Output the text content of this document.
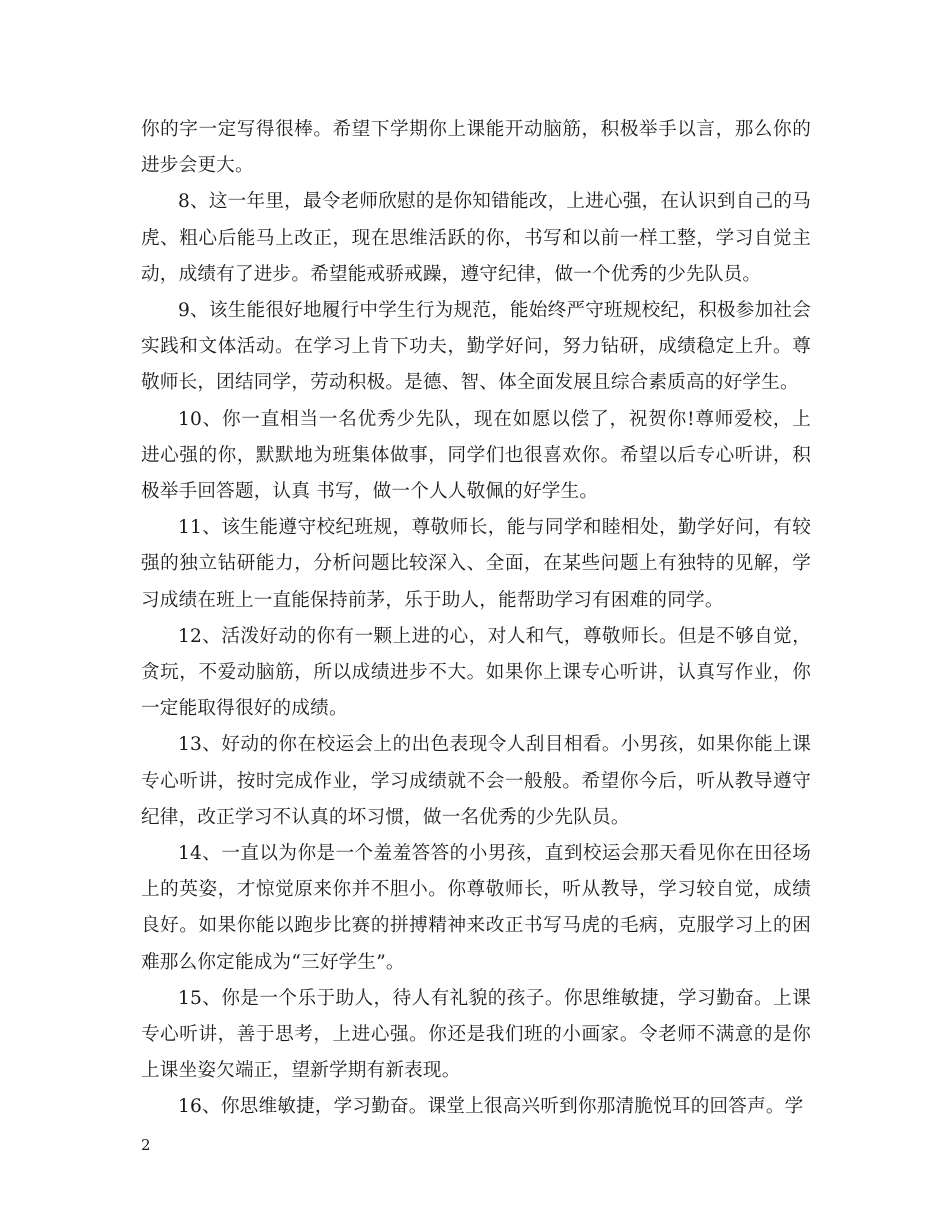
你的字一定写得很棒。希望下学期你上课能开动脑筋，积极举手以言，那么你的进步会更大。

8、这一年里，最令老师欣慰的是你知错能改，上进心强，在认识到自己的马虎、粗心后能马上改正，现在思维活跃的你，书写和以前一样工整，学习自觉主动，成绩有了进步。希望能戒骄戒躁，遵守纪律，做一个优秀的少先队员。

9、该生能很好地履行中学生行为规范，能始终严守班规校纪，积极参加社会实践和文体活动。在学习上肯下功夫，勤学好问，努力钻研，成绩稳定上升。尊敬师长，团结同学，劳动积极。是德、智、体全面发展且综合素质高的好学生。

10、你一直相当一名优秀少先队，现在如愿以偿了，祝贺你!尊师爱校，上进心强的你，默默地为班集体做事，同学们也很喜欢你。希望以后专心听讲，积极举手回答题，认真 书写，做一个人人敬佩的好学生。

11、该生能遵守校纪班规，尊敬师长，能与同学和睦相处，勤学好问，有较强的独立钻研能力，分析问题比较深入、全面，在某些问题上有独特的见解，学习成绩在班上一直能保持前茅，乐于助人，能帮助学习有困难的同学。

12、活泼好动的你有一颗上进的心，对人和气，尊敬师长。但是不够自觉，贪玩，不爱动脑筋，所以成绩进步不大。如果你上课专心听讲，认真写作业，你一定能取得很好的成绩。

13、好动的你在校运会上的出色表现令人刮目相看。小男孩，如果你能上课专心听讲，按时完成作业，学习成绩就不会一般般。希望你今后，听从教导遵守纪律，改正学习不认真的坏习惯，做一名优秀的少先队员。

14、一直以为你是一个羞羞答答的小男孩，直到校运会那天看见你在田径场上的英姿，才惊觉原来你并不胆小。你尊敬师长，听从教导，学习较自觉，成绩良好。如果你能以跑步比赛的拼搏精神来改正书写马虎的毛病，克服学习上的困难那么你定能成为“三好学生”。

15、你是一个乐于助人，待人有礼貌的孩子。你思维敏捷，学习勤奋。上课专心听讲，善于思考，上进心强。你还是我们班的小画家。令老师不满意的是你上课坐姿欠端正，望新学期有新表现。

16、你思维敏捷，学习勤奋。课堂上很高兴听到你那清脆悦耳的回答声。学

2
